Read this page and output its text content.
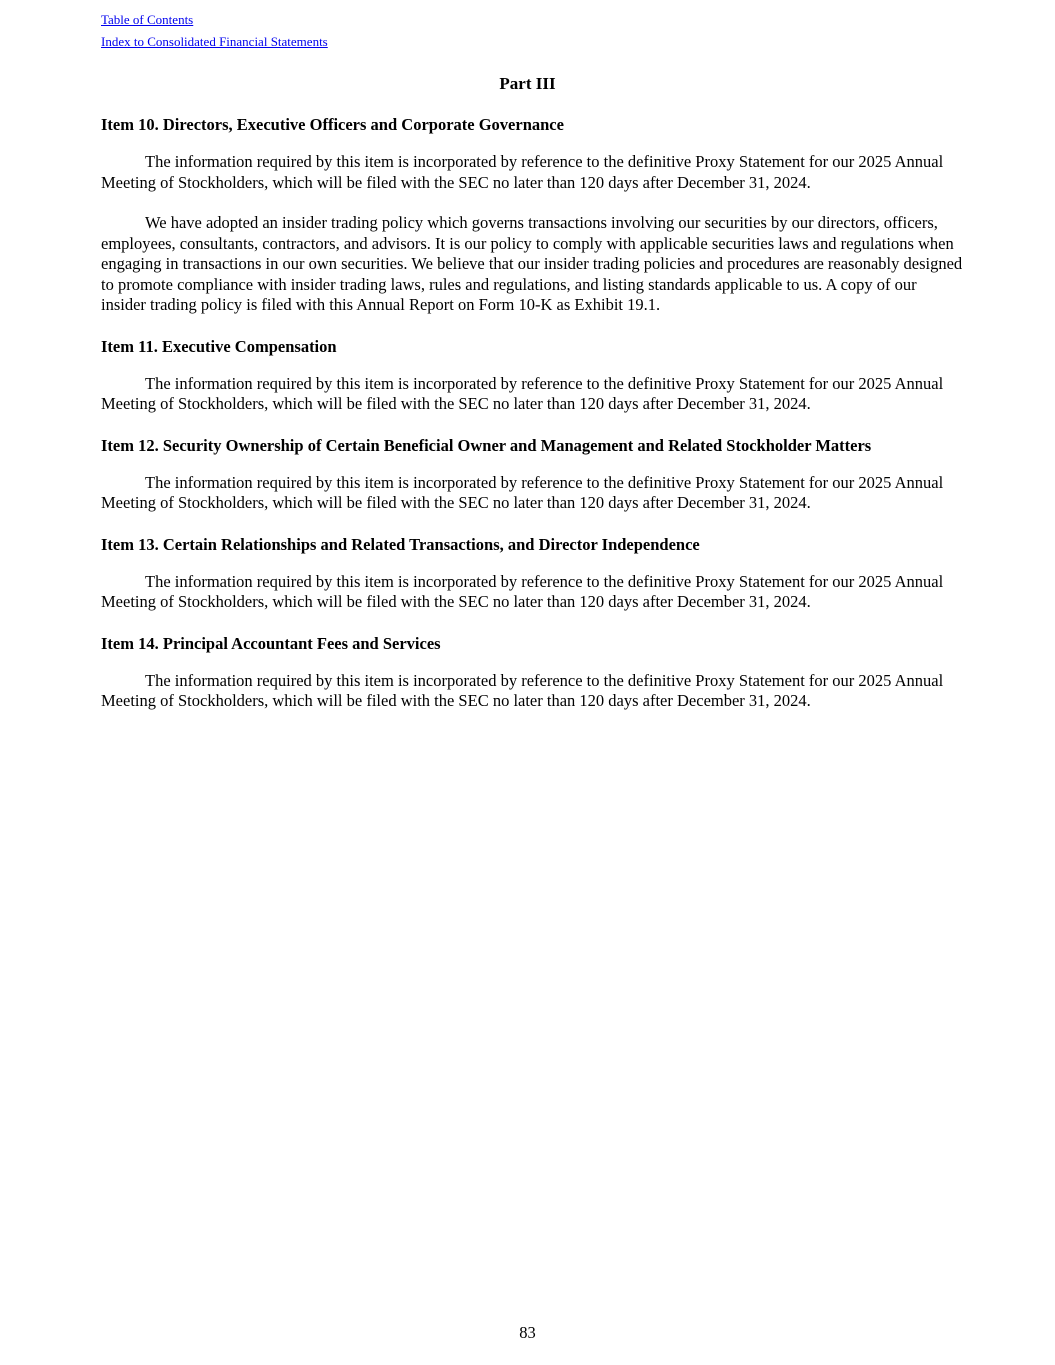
Table of Contents
Index to Consolidated Financial Statements
Part III
Item 10. Directors, Executive Officers and Corporate Governance

The information required by this item is incorporated by reference to the definitive Proxy Statement for our 2025 Annual Meeting of Stockholders, which will be filed with the SEC no later than 120 days after December 31, 2024.

We have adopted an insider trading policy which governs transactions involving our securities by our directors, officers, employees, consultants, contractors, and advisors. It is our policy to comply with applicable securities laws and regulations when engaging in transactions in our own securities. We believe that our insider trading policies and procedures are reasonably designed to promote compliance with insider trading laws, rules and regulations, and listing standards applicable to us. A copy of our insider trading policy is filed with this Annual Report on Form 10-K as Exhibit 19.1.

Item 11. Executive Compensation

The information required by this item is incorporated by reference to the definitive Proxy Statement for our 2025 Annual Meeting of Stockholders, which will be filed with the SEC no later than 120 days after December 31, 2024.

Item 12. Security Ownership of Certain Beneficial Owner and Management and Related Stockholder Matters

The information required by this item is incorporated by reference to the definitive Proxy Statement for our 2025 Annual Meeting of Stockholders, which will be filed with the SEC no later than 120 days after December 31, 2024.

Item 13. Certain Relationships and Related Transactions, and Director Independence

The information required by this item is incorporated by reference to the definitive Proxy Statement for our 2025 Annual Meeting of Stockholders, which will be filed with the SEC no later than 120 days after December 31, 2024.

Item 14. Principal Accountant Fees and Services

The information required by this item is incorporated by reference to the definitive Proxy Statement for our 2025 Annual Meeting of Stockholders, which will be filed with the SEC no later than 120 days after December 31, 2024.

83
